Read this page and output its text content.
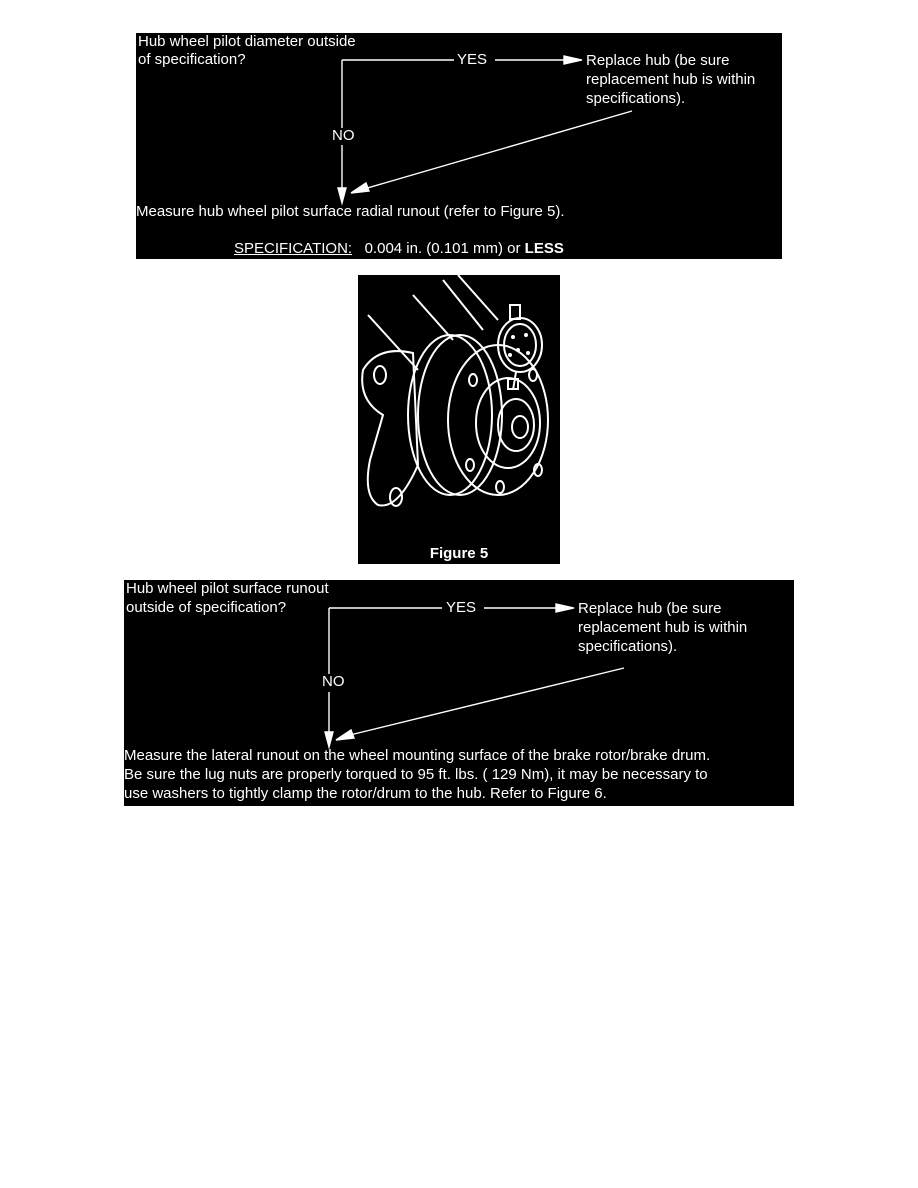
Hub wheel pilot diameter outside
of specification?	YES
NO
Replace hub (be sure
replacement hub is within
specifications).
Measure hub wheel pilot surface radial runout (refer to Figure 5).
SPECIFICATION: 0.004 in. (0.101 mm) or LESS
Figure 5
Hub wheel pilot surface runout
outside of specification?	YES
NO
Replace hub (be sure
replacement hub is within
specifications).
Measure the lateral runout on the wheel mounting surface of the brake rotor/brake drum.
Be sure the lug nuts are properly torqued to 95 ft. lbs. ( 129 Nm), it may be necessary to
use washers to tightly clamp the rotor/drum to the hub. Refer to Figure 6.
